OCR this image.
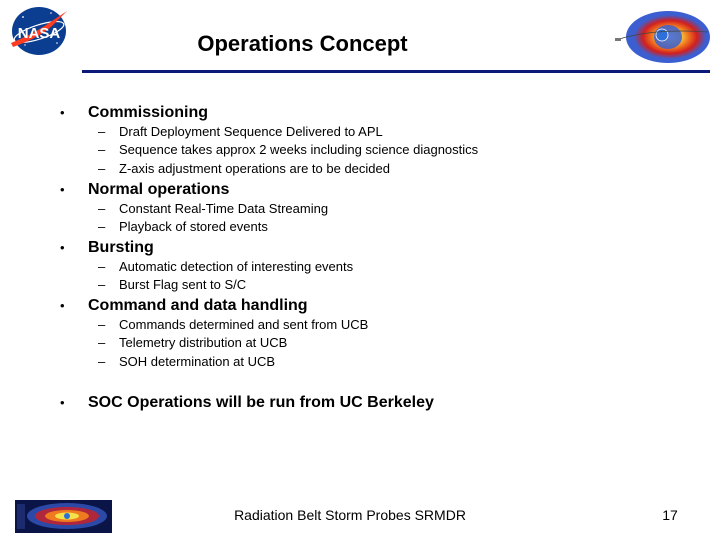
NASA	Operations Concept
• Commissioning
– Draft Deployment Sequence Delivered to APL
– Sequence takes approx 2 weeks including science diagnostics
– Z-axis adjustment operations are to be decided
• Normal operations
– Constant Real-Time Data Streaming
– Playback of stored events
• Bursting
– Automatic detection of interesting events
– Burst Flag sent to S/C
• Command and data handling
– Commands determined and sent from UCB
– Telemetry distribution at UCB
– SOH determination at UCB
• SOC Operations will be run from UC Berkeley
Radiation Belt Storm Probes SRMDR	17
